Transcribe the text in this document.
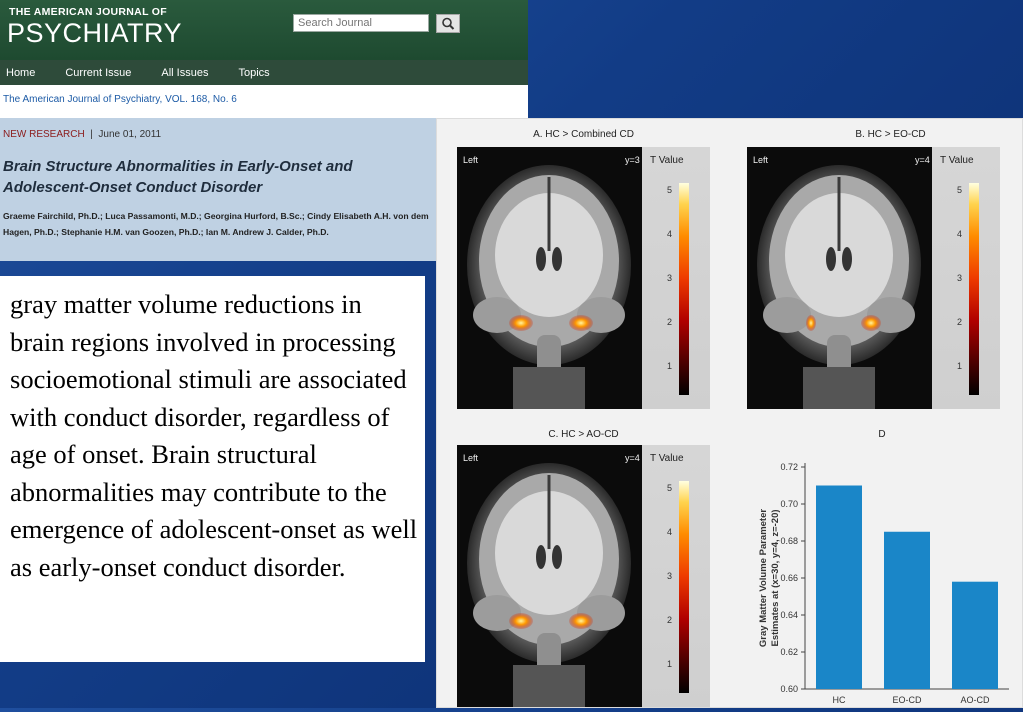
THE AMERICAN JOURNAL OF
PSYCHIATRY
Search Journal
Home	Current Issue	All Issues	Topics
The American Journal of Psychiatry, VOL. 168, No. 6
NEW RESEARCH | June 01, 2011
Brain Structure Abnormalities in Early-Onset and Adolescent-Onset Conduct Disorder
Graeme Fairchild, Ph.D.; Luca Passamonti, M.D.; Georgina Hurford, B.Sc.; Cindy Elisabeth A.H. von dem Hagen, Ph.D.; Stephanie H.M. van Goozen, Ph.D.; Ian M. Andrew J. Calder, Ph.D.
gray matter volume reductions in brain regions involved in processing socioemotional stimuli are associated with conduct disorder, regardless of age of onset. Brain structural abnormalities may contribute to the emergence of adolescent-onset as well as early-onset conduct disorder.
A. HC > Combined CD	B. HC > EO-CD
C. HC > AO-CD	D
Left	y=3 T Value
5
4
3
2
1
Left	y=4 T Value
5
4
3
2
1
Left	y=4 T Value
5
4
3
2
1
0.72
0.70
0.68
0.66
0.64
0.62
0.60
HC	EO-CD	AO-CD
Gray Matter Volume Parameter Estimates at (x=30, y=4, z=-20)
